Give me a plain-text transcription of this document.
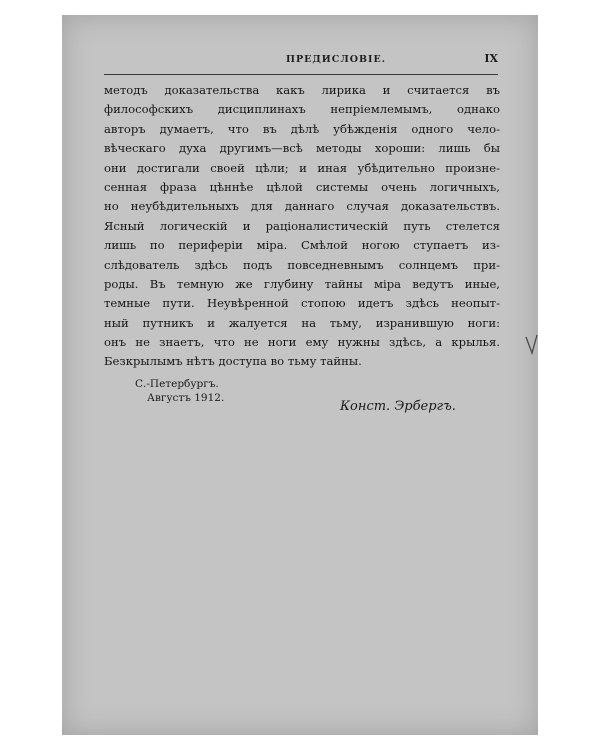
ПРЕДИСЛОВІЕ.	IX
методъ доказательства какъ лирика и считается въ
философскихъ дисциплинахъ непріемлемымъ, однако
авторъ думаетъ, что въ дѣлѣ убѣжденія одного чело-
вѣческаго духа другимъ—всѣ методы хороши: лишь бы
они достигали своей цѣли; и иная убѣдительно произне-
сенная фраза цѣннѣе цѣлой системы очень логичныхъ,
но неубѣдительныхъ для даннаго случая доказательствъ.
Ясный логическій и раціоналистическій путь стелется
лишь по периферіи міра. Смѣлой ногою ступаетъ из-
слѣдователь здѣсь подъ повседневнымъ солнцемъ при-
роды. Въ темную же глубину тайны міра ведутъ иные,
темные пути. Неувѣренной стопою идетъ здѣсь неопыт-
ный путникъ и жалуется на тьму, изранившую ноги:
онъ не знаетъ, что не ноги ему нужны здѣсь, а крылья.
Безкрылымъ нѣтъ доступа во тьму тайны.
С.-Петербургъ.
Августъ 1912.
Конст. Эрбергъ.
